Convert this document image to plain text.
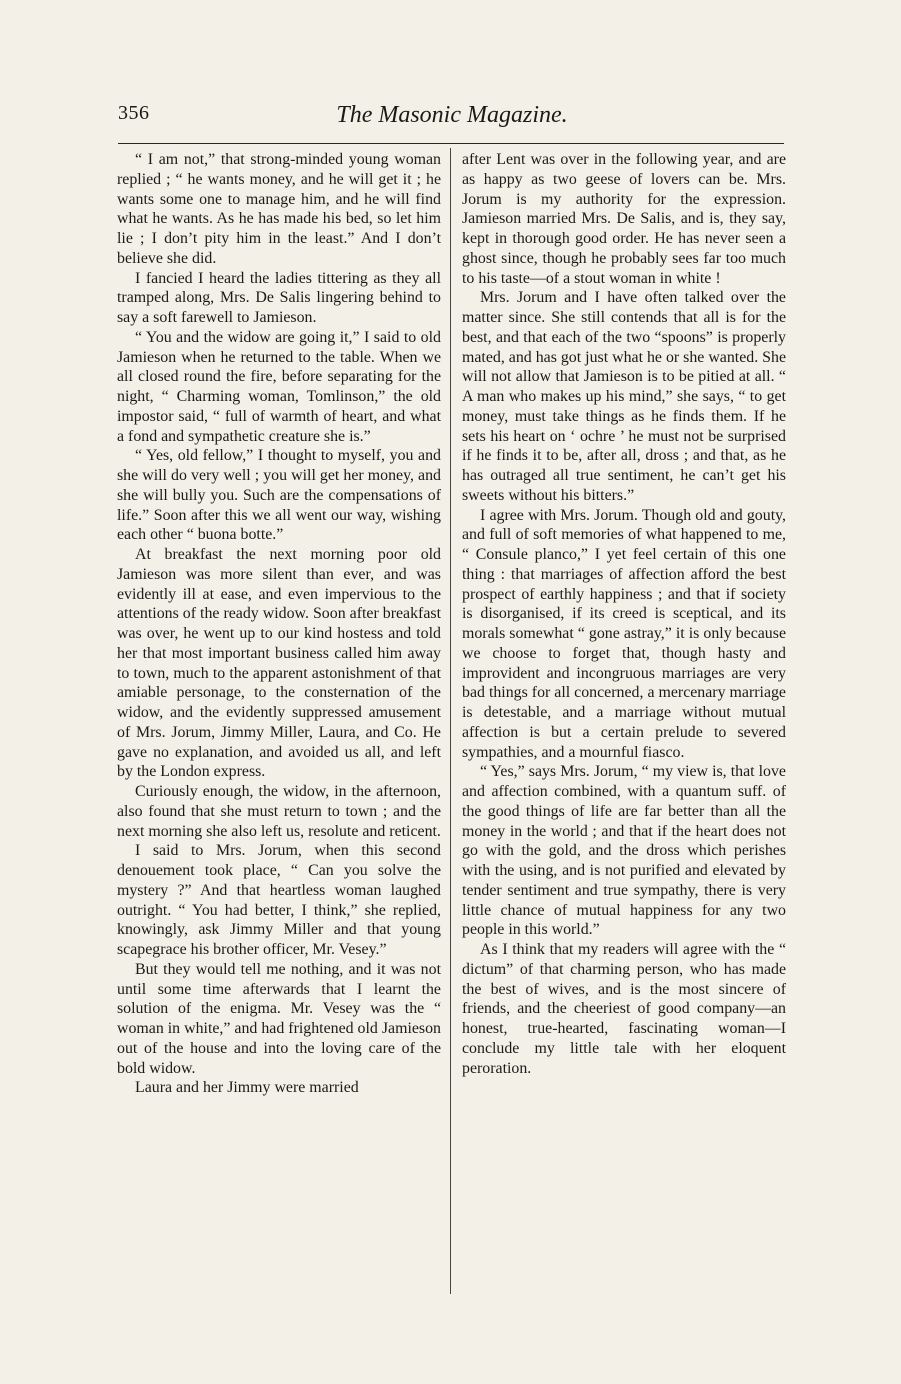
356	The Masonic Magazine.

“ I am not,” that strong-minded young woman replied ; “ he wants money, and he will get it ; he wants some one to manage him, and he will find what he wants. As he has made his bed, so let him lie ; I don’t pity him in the least.” And I don’t believe she did.

I fancied I heard the ladies tittering as they all tramped along, Mrs. De Salis lingering behind to say a soft farewell to Jamieson.

“ You and the widow are going it,” I said to old Jamieson when he returned to the table. When we all closed round the fire, before separating for the night, “ Charming woman, Tomlinson,” the old impostor said, “ full of warmth of heart, and what a fond and sympathetic creature she is.”

“ Yes, old fellow,” I thought to myself, you and she will do very well ; you will get her money, and she will bully you. Such are the compensations of life.” Soon after this we all went our way, wishing each other “ buona botte.”

At breakfast the next morning poor old Jamieson was more silent than ever, and was evidently ill at ease, and even impervious to the attentions of the ready widow. Soon after breakfast was over, he went up to our kind hostess and told her that most important business called him away to town, much to the apparent astonishment of that amiable personage, to the consternation of the widow, and the evidently suppressed amusement of Mrs. Jorum, Jimmy Miller, Laura, and Co. He gave no explanation, and avoided us all, and left by the London express.

Curiously enough, the widow, in the afternoon, also found that she must return to town ; and the next morning she also left us, resolute and reticent.

I said to Mrs. Jorum, when this second denouement took place, “ Can you solve the mystery ?” And that heartless woman laughed outright. “ You had better, I think,” she replied, knowingly, ask Jimmy Miller and that young scapegrace his brother officer, Mr. Vesey.”

But they would tell me nothing, and it was not until some time afterwards that I learnt the solution of the enigma. Mr. Vesey was the “ woman in white,” and had frightened old Jamieson out of the house and into the loving care of the bold widow.

Laura and her Jimmy were married

after Lent was over in the following year, and are as happy as two geese of lovers can be. Mrs. Jorum is my authority for the expression. Jamieson married Mrs. De Salis, and is, they say, kept in thorough good order. He has never seen a ghost since, though he probably sees far too much to his taste—of a stout woman in white !

Mrs. Jorum and I have often talked over the matter since. She still contends that all is for the best, and that each of the two “spoons” is properly mated, and has got just what he or she wanted. She will not allow that Jamieson is to be pitied at all. “ A man who makes up his mind,” she says, “ to get money, must take things as he finds them. If he sets his heart on ‘ ochre ’ he must not be surprised if he finds it to be, after all, dross ; and that, as he has outraged all true sentiment, he can’t get his sweets without his bitters.”

I agree with Mrs. Jorum. Though old and gouty, and full of soft memories of what happened to me, “ Consule planco,” I yet feel certain of this one thing : that marriages of affection afford the best prospect of earthly happiness ; and that if society is disorganised, if its creed is sceptical, and its morals somewhat “ gone astray,” it is only because we choose to forget that, though hasty and improvident and incongruous marriages are very bad things for all concerned, a mercenary marriage is detestable, and a marriage without mutual affection is but a certain prelude to severed sympathies, and a mournful fiasco.

“ Yes,” says Mrs. Jorum, “ my view is, that love and affection combined, with a quantum suff. of the good things of life are far better than all the money in the world ; and that if the heart does not go with the gold, and the dross which perishes with the using, and is not purified and elevated by tender sentiment and true sympathy, there is very little chance of mutual happiness for any two people in this world.”

As I think that my readers will agree with the “ dictum” of that charming person, who has made the best of wives, and is the most sincere of friends, and the cheeriest of good company—an honest, true-hearted, fascinating woman—I conclude my little tale with her eloquent peroration.
